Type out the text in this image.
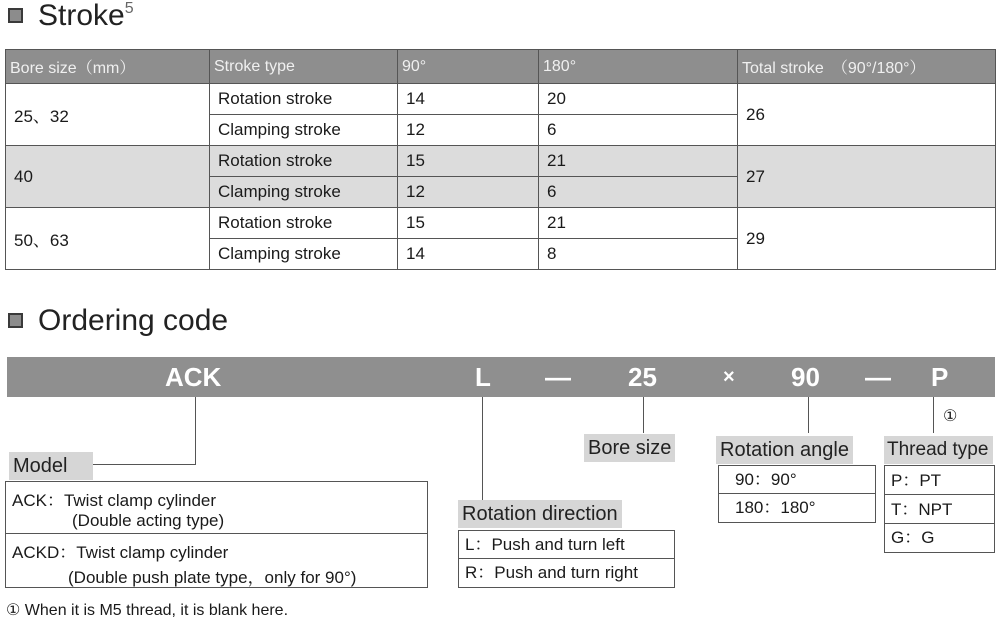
Stroke$^5$
Bore size（mm）	Stroke type	90°	180°	Total stroke　（90°/180°）
25、32	Rotation stroke	14	20	26
	Clamping stroke	12	6	
40	Rotation stroke	15	21	27
	Clamping stroke	12	6	
50、63	Rotation stroke	15	21	29
	Clamping stroke	14	8	
Ordering code
ACK	L — 25	× 90 — P
①
Model
ACK：Twist clamp cylinder
(Double acting type)
ACKD：Twist clamp cylinder
(Double push plate type，only for 90°)
Rotation direction
L：Push and turn left
R：Push and turn right
Bore size Rotation angle
90：90°
180：180°
Thread type
P：PT
T：NPT
G：G
① When it is M5 thread, it is blank here.
